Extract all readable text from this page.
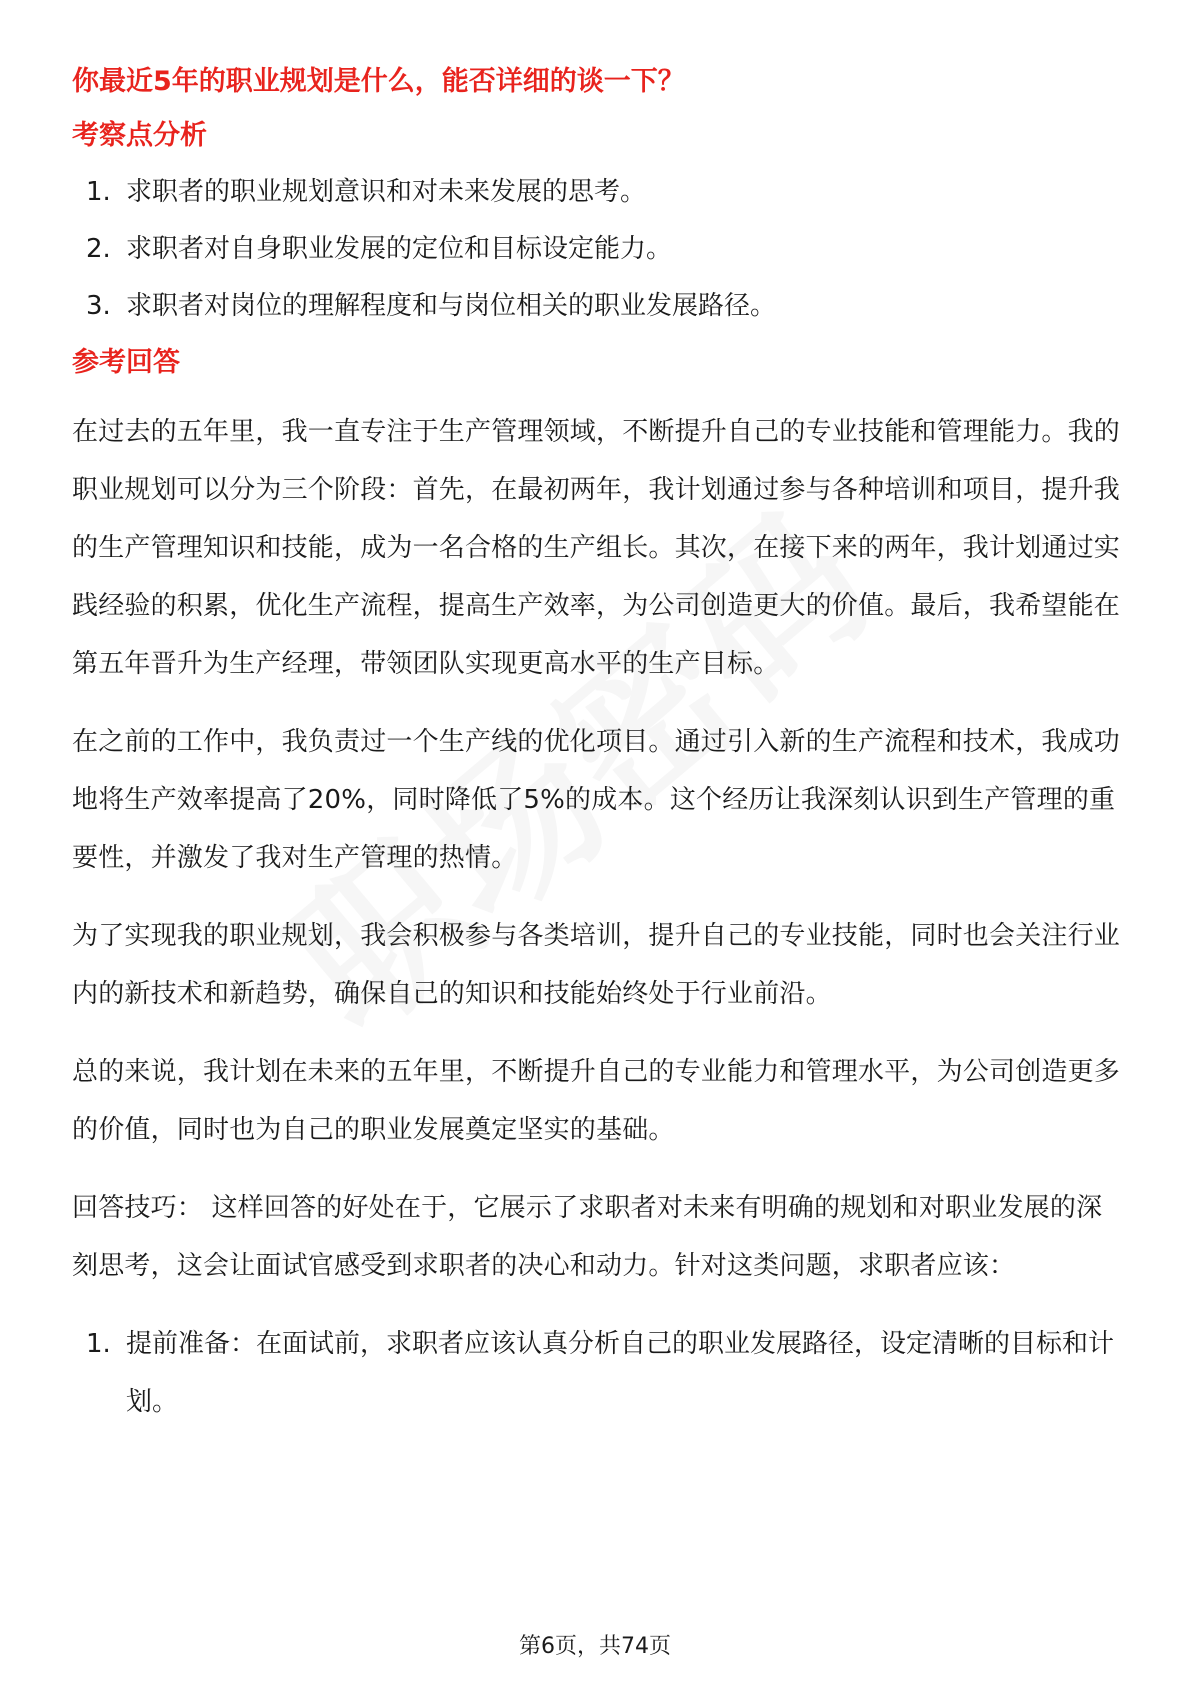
你最近5年的职业规划是什么，能否详细的谈一下？

考察点分析

1. 求职者的职业规划意识和对未来发展的思考。
2. 求职者对自身职业发展的定位和目标设定能力。
3. 求职者对岗位的理解程度和与岗位相关的职业发展路径。

参考回答

在过去的五年里，我一直专注于生产管理领域，不断提升自己的专业技能和管理能力。我的职业规划可以分为三个阶段：首先，在最初两年，我计划通过参与各种培训和项目，提升我的生产管理知识和技能，成为一名合格的生产组长。其次，在接下来的两年，我计划通过实践经验的积累，优化生产流程，提高生产效率，为公司创造更大的价值。最后，我希望能在第五年晋升为生产经理，带领团队实现更高水平的生产目标。

在之前的工作中，我负责过一个生产线的优化项目。通过引入新的生产流程和技术，我成功地将生产效率提高了20%，同时降低了5%的成本。这个经历让我深刻认识到生产管理的重要性，并激发了我对生产管理的热情。

为了实现我的职业规划，我会积极参与各类培训，提升自己的专业技能，同时也会关注行业内的新技术和新趋势，确保自己的知识和技能始终处于行业前沿。

总的来说，我计划在未来的五年里，不断提升自己的专业能力和管理水平，为公司创造更多的价值，同时也为自己的职业发展奠定坚实的基础。

回答技巧： 这样回答的好处在于，它展示了求职者对未来有明确的规划和对职业发展的深刻思考，这会让面试官感受到求职者的决心和动力。针对这类问题，求职者应该：

1. 提前准备：在面试前，求职者应该认真分析自己的职业发展路径，设定清晰的目标和计划。
第6页，共74页
